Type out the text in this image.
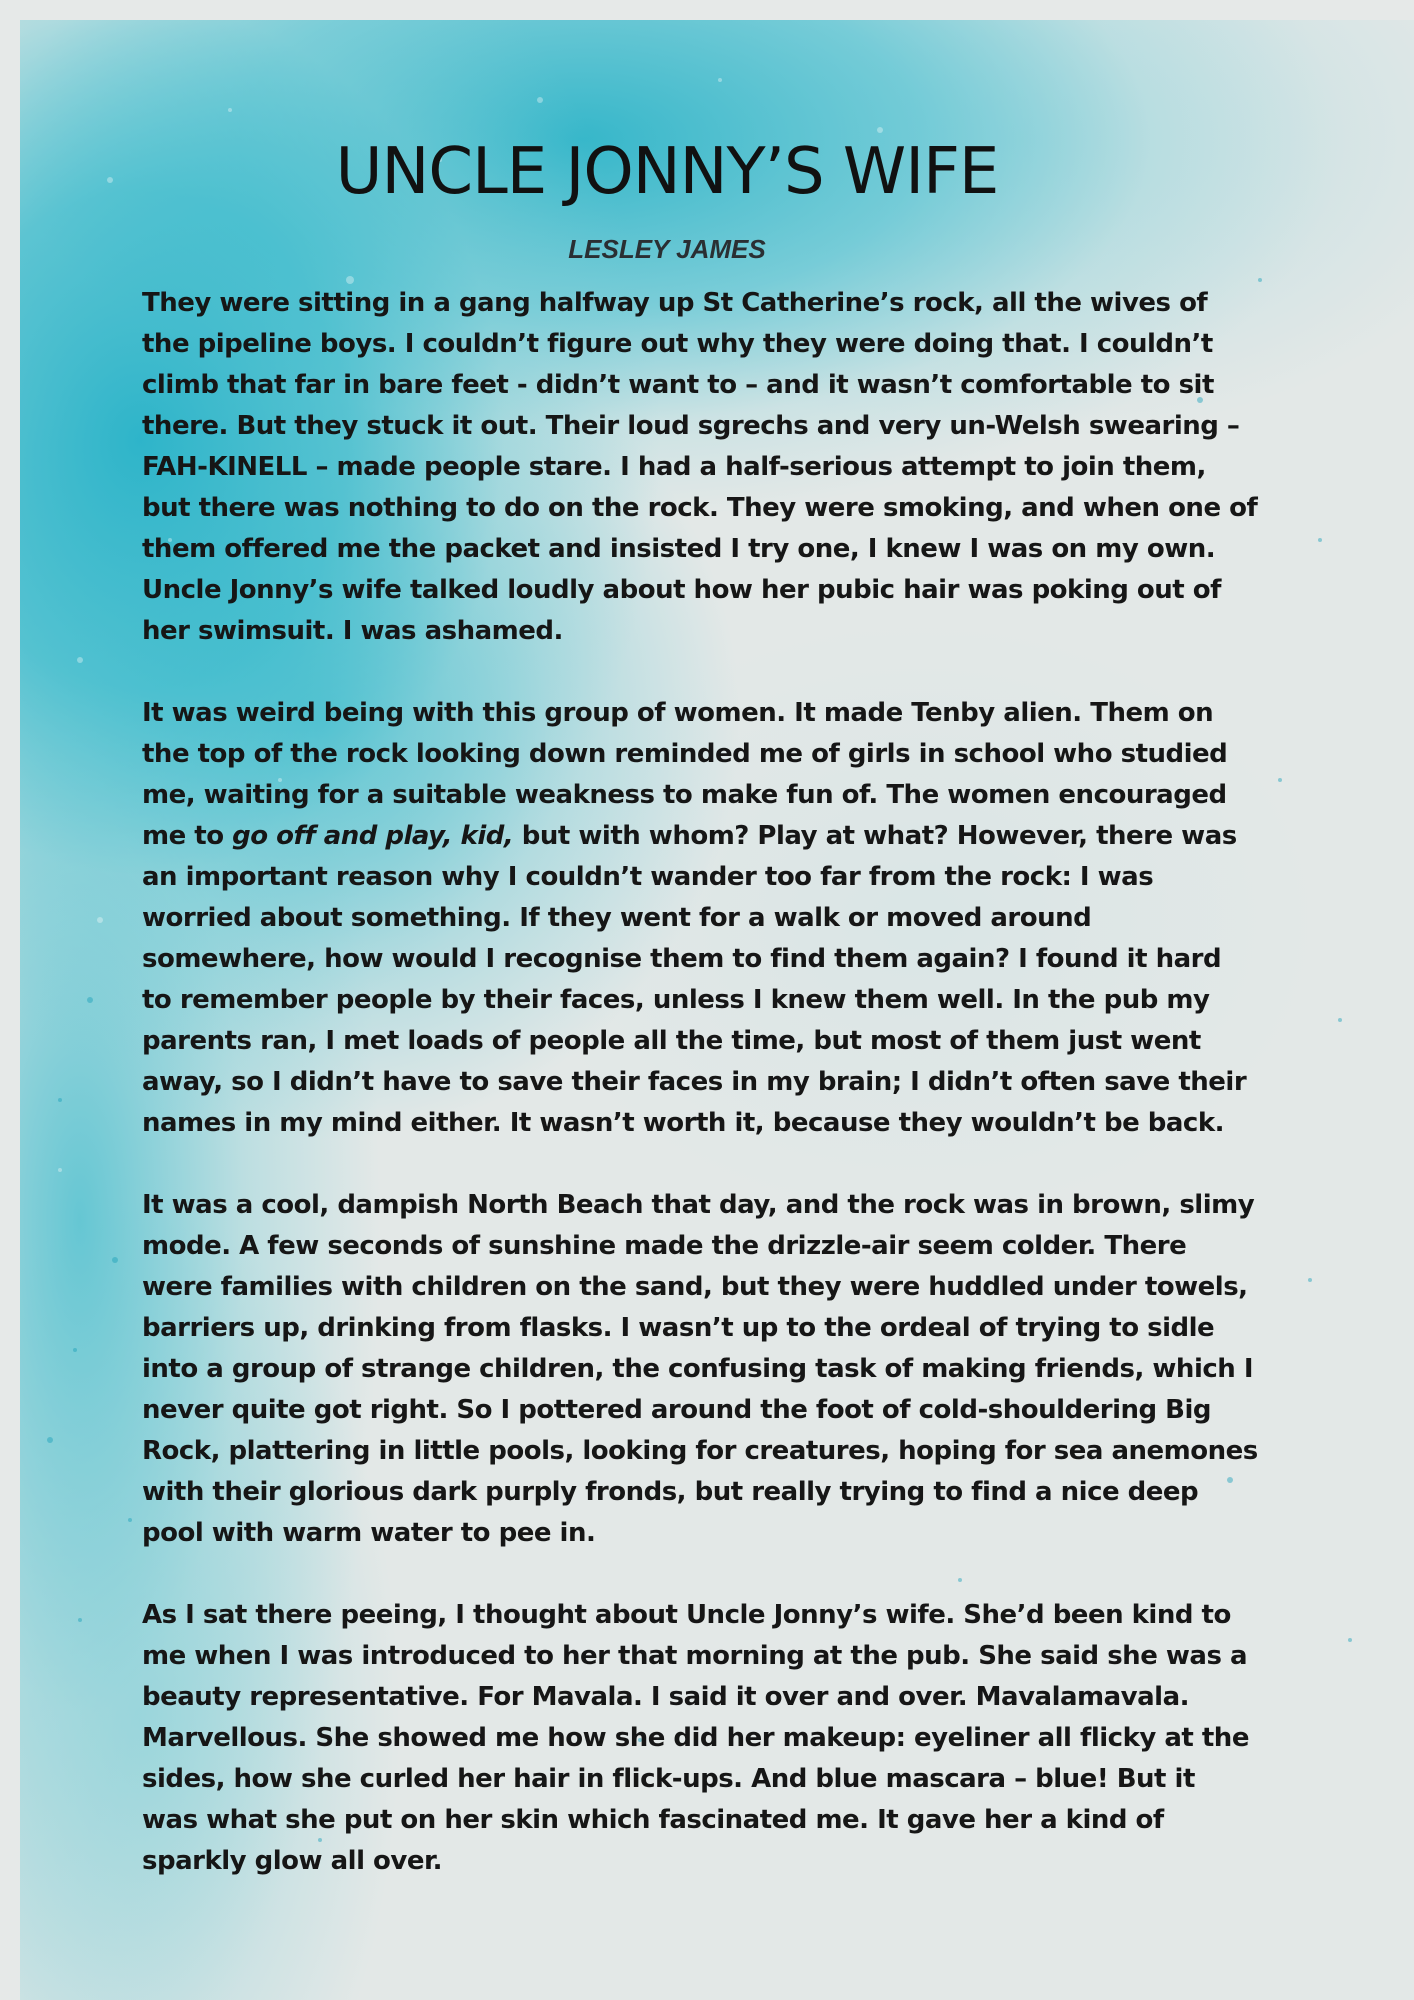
UNCLE JONNY’S WIFE
LESLEY JAMES

They were sitting in a gang halfway up St Catherine’s rock, all the wives of the pipeline boys. I couldn’t figure out why they were doing that. I couldn’t climb that far in bare feet - didn’t want to – and it wasn’t comfortable to sit there. But they stuck it out. Their loud sgrechs and very un-Welsh swearing – FAH-KINELL – made people stare. I had a half-serious attempt to join them, but there was nothing to do on the rock. They were smoking, and when one of them offered me the packet and insisted I try one, I knew I was on my own. Uncle Jonny’s wife talked loudly about how her pubic hair was poking out of her swimsuit. I was ashamed.

It was weird being with this group of women. It made Tenby alien. Them on the top of the rock looking down reminded me of girls in school who studied me, waiting for a suitable weakness to make fun of. The women encouraged me to go off and play, kid, but with whom? Play at what? However, there was an important reason why I couldn’t wander too far from the rock: I was worried about something. If they went for a walk or moved around somewhere, how would I recognise them to find them again? I found it hard to remember people by their faces, unless I knew them well. In the pub my parents ran, I met loads of people all the time, but most of them just went away, so I didn’t have to save their faces in my brain; I didn’t often save their names in my mind either. It wasn’t worth it, because they wouldn’t be back.

It was a cool, dampish North Beach that day, and the rock was in brown, slimy mode. A few seconds of sunshine made the drizzle-air seem colder. There were families with children on the sand, but they were huddled under towels, barriers up, drinking from flasks. I wasn’t up to the ordeal of trying to sidle into a group of strange children, the confusing task of making friends, which I never quite got right. So I pottered around the foot of cold-shouldering Big Rock, plattering in little pools, looking for creatures, hoping for sea anemones with their glorious dark purply fronds, but really trying to find a nice deep pool with warm water to pee in.

As I sat there peeing, I thought about Uncle Jonny’s wife. She’d been kind to me when I was introduced to her that morning at the pub. She said she was a beauty representative. For Mavala. I said it over and over. Mavalamavala. Marvellous. She showed me how she did her makeup: eyeliner all flicky at the sides, how she curled her hair in flick-ups. And blue mascara – blue! But it was what she put on her skin which fascinated me. It gave her a kind of sparkly glow all over.
